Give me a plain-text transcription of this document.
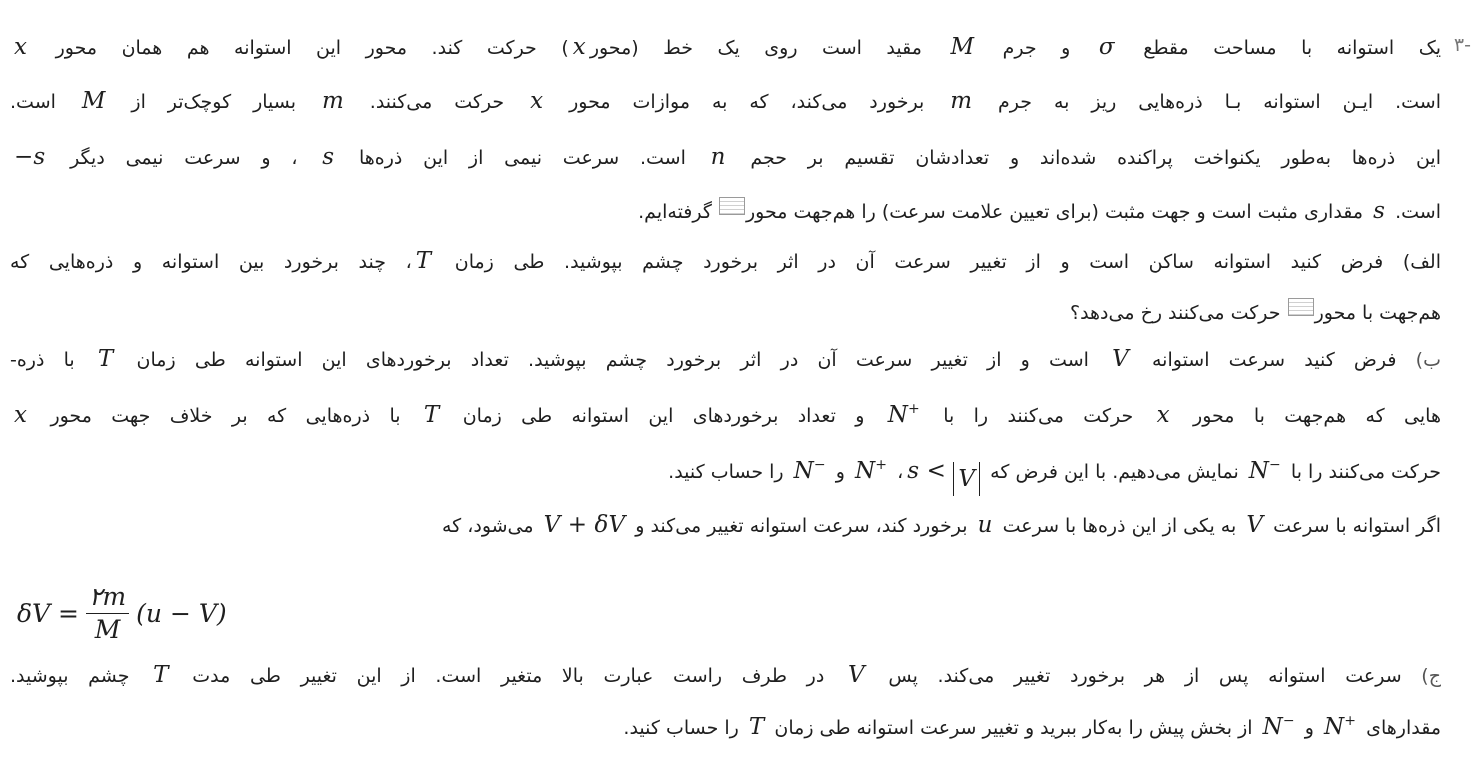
-۳
یک استوانه با مساحت مقطع σ و جرم M مقید است روی یک خط (محورx) حرکت کند. محور این استوانه هم همان محور x
است. ایـن استوانه بـا ذره‌هایی ریز به جرم m برخورد می‌کند، که به موازات محور x حرکت می‌کنند. m بسیار کوچک‌تر از M است.
این ذره‌ها به‌طور یکنواخت پراکنده شده‌اند و تعدادشان تقسیم بر حجم n است. سرعت نیمی از این ذره‌ها s ، و سرعت نیمی دیگر −s
است. s مقداری مثبت است و جهت مثبت (برای تعیین علامت سرعت) را هم‌جهت محور گرفته‌ایم.
الف) فرض کنید استوانه ساکن است و از تغییر سرعت آن در اثر برخورد چشم بپوشید. طی زمان T، چند برخورد بین استوانه و ذره‌هایی که
هم‌جهت با محور حرکت می‌کنند رخ می‌دهد؟
ب) فرض کنید سرعت استوانه V است و از تغییر سرعت آن در اثر برخورد چشم بپوشید. تعداد برخوردهای این استوانه طی زمان T با ذره-
هایی که هم‌جهت با محور x حرکت می‌کنند را با N+ و تعداد برخوردهای این استوانه طی زمان T با ذره‌هایی که بر خلاف جهت محور x
حرکت می‌کنند را با N− نمایش می‌دهیم. با این فرض که s < V، N+ و N− را حساب کنید.
اگر استوانه با سرعت V به یکی از این ذره‌ها با سرعت u برخورد کند، سرعت استوانه تغییر می‌کند و V + δV می‌شود، که
$\delta V = \frac{۲m}{M} (u - V)$
ج) سرعت استوانه پس از هر برخورد تغییر می‌کند. پس V در طرف راست عبارت بالا متغیر است. از این تغییر طی مدت T چشم بپوشید.
مقدارهای N+ و N− از بخش پیش را به‌کار ببرید و تغییر سرعت استوانه طی زمان T را حساب کنید.
